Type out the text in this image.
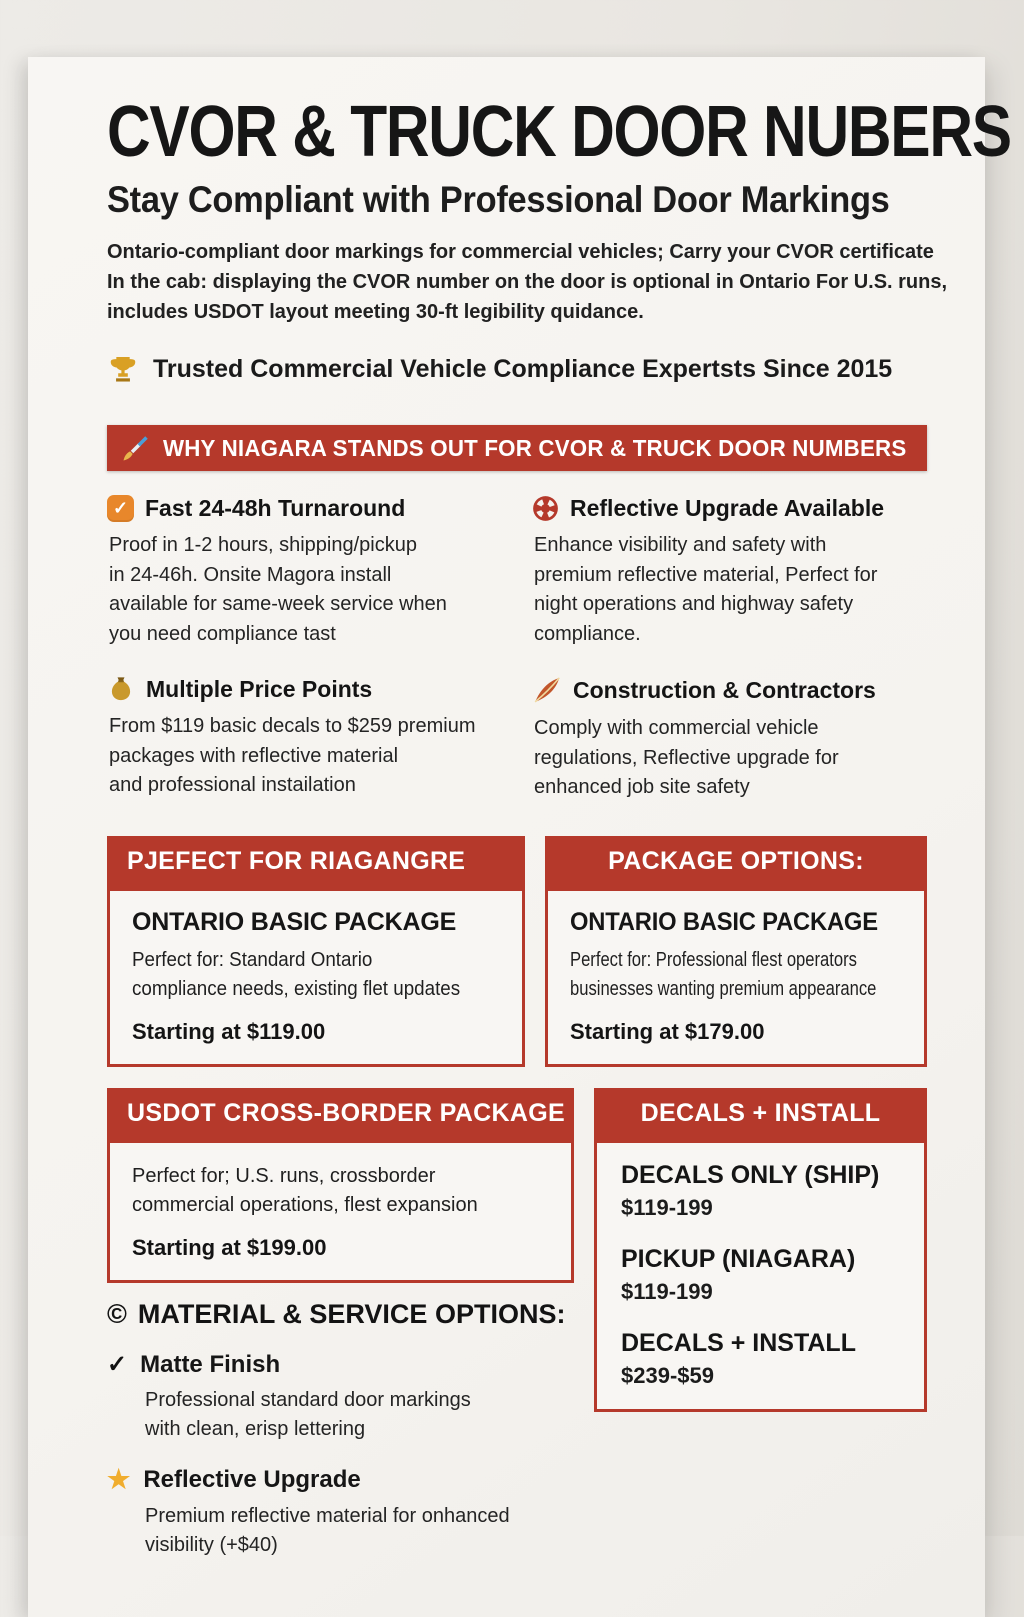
CVOR & TRUCK DOOR NUBERS
Stay Compliant with Professional Door Markings
Ontario-compliant door markings for commercial vehicles; Carry your CVOR certificate
In the cab: displaying the CVOR number on the door is optional in Ontario For U.S. runs,
includes USDOT layout meeting 30-ft legibility quidance.
Trusted Commercial Vehicle Compliance Expertsts Since 2015
WHY NIAGARA STANDS OUT FOR CVOR & TRUCK DOOR NUMBERS
✓ Fast 24-48h Turnaround
Proof in 1-2 hours, shipping/pickup
in 24-46h. Onsite Magora install
available for same-week service when
you need compliance tast
Reflective Upgrade Available
Enhance visibility and safety with
premium reflective material, Perfect for
night operations and highway safety
compliance.
Multiple Price Points
From $119 basic decals to $259 premium
packages with reflective material
and professional instailation
Construction & Contractors
Comply with commercial vehicle
regulations, Reflective upgrade for
enhanced job site safety
PJEFECT FOR RIAGANGRE
ONTARIO BASIC PACKAGE
Perfect for: Standard Ontario
compliance needs, existing flet updates
Starting at $119.00
PACKAGE OPTIONS:
ONTARIO BASIC PACKAGE
Perfect for: Professional flest operators
businesses wanting premium appearance
Starting at $179.00
USDOT CROSS-BORDER PACKAGE
Perfect for; U.S. runs, crossborder
commercial operations, flest expansion
Starting at $199.00
DECALS + INSTALL
DECALS ONLY (SHIP)
$119-199
PICKUP (NIAGARA)
$119-199
DECALS + INSTALL
$239-$59
© MATERIAL & SERVICE OPTIONS:
✓ Matte Finish
Professional standard door markings
with clean, erisp lettering
★ Reflective Upgrade
Premium reflective material for onhanced
visibility (+$40)
